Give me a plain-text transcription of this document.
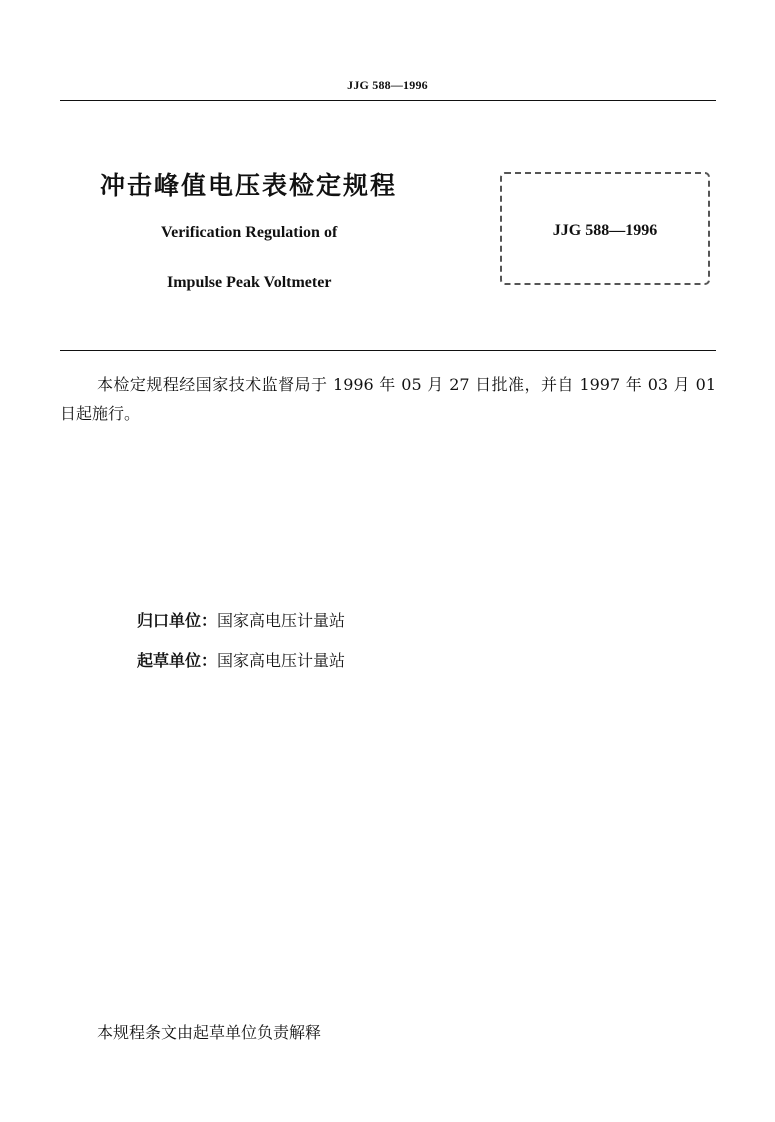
JJG 588—1996
冲击峰值电压表检定规程
Verification Regulation of
Impulse Peak Voltmeter
JJG 588—1996
本检定规程经国家技术监督局于 1996 年 05 月 27 日批准，并自 1997 年 03 月 01 日起施行。
归口单位：国家高电压计量站
起草单位：国家高电压计量站
本规程条文由起草单位负责解释
